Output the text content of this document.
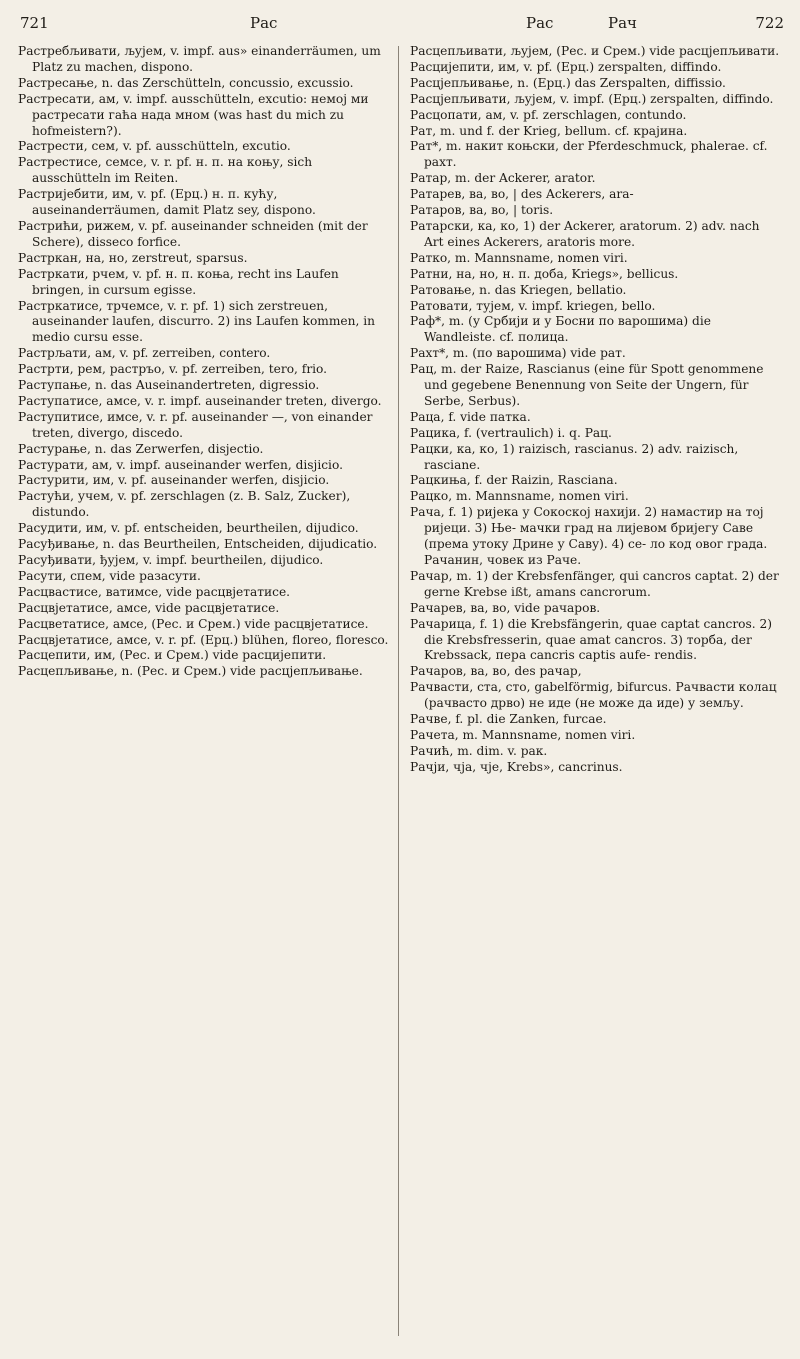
721	Рас	Рас	Рач	722

Растребљивати, љујем, v. impf. aus» einanderräumen, um Platz zu machen, dispono.

Растресање, n. das Zerschütteln, concussio, excussio.

Растресати, ам, v. impf. ausschütteln, excutio: немој ми растресати гаћа нада мном (was hast du mich zu hofmeistern?).

Растрести, сем, v. pf. ausschütteln, excutio.

Растрестисе, семсе, v. r. pf. н. п. на коњу, sich ausschütteln im Reiten.

Растријебити, им, v. pf. (Ерц.) н. п. кућу, auseinanderräumen, damit Platz sey, dispono.

Растрићи, рижем, v. pf. auseinander schneiden (mit der Schere), disseco forfice.

Растркан, на, но, zerstreut, sparsus.

Растркати, рчем, v. pf. н. п. коња, recht ins Laufen bringen, in cursum egisse.

Растркатисе, трчемсе, v. r. pf. 1) sich zerstreuen, auseinander laufen, discurro. 2) ins Laufen kommen, in medio cursu esse.

Растрљати, ам, v. pf. zerreiben, contero.

Растрти, рем, растръо, v. pf. zerreiben, tero, frio.

Раступање, n. das Auseinandertreten, digressio.

Раступатисе, амсе, v. r. impf. auseinander treten, divergo.

Раступитисе, имсе, v. r. pf. auseinander —, von einander treten, divergo, discedo.

Растурање, n. das Zerwerfen, disjectio.

Растурати, ам, v. impf. auseinander werfen, disjicio.

Растурити, им, v. pf. auseinander werfen, disjicio.

Растући, учем, v. pf. zerschlagen (z. B. Salz, Zucker), distundo.

Расудити, им, v. pf. entscheiden, beurtheilen, dijudico.

Расуђивање, n. das Beurtheilen, Entscheiden, dijudicatio.

Расуђивати, ђујем, v. impf. beurtheilen, dijudico.

Расути, спем, vide разасути.

Расцвастисе, ватимсе, vide расцвјетатисе.

Расцвјетатисе, амсе, vide расцвјетатисе.

Расцветатисе, амсе, (Рес. и Срем.) vide расцвјетатисе.

Расцвјетатисе, амсе, v. r. pf. (Ерц.) blühen, floreo, floresco.

Расцепити, им, (Рес. и Срем.) vide расцијепити.

Расцепљивање, n. (Рес. и Срем.) vide расцјепљивање.

Расцепљивати, љујем, (Рес. и Срем.) vide расцјепљивати.

Расцијепити, им, v. pf. (Ерц.) zerspalten, diffindo.

Расцјепљивање, n. (Ерц.) das Zerspalten, diffissio.

Расцјепљивати, љујем, v. impf. (Ерц.) zerspalten, diffindo.

Расцопати, ам, v. pf. zerschlagen, contundo.

Рат, m. und f. der Krieg, bellum. cf. крајина.

Рат*, m. накит коњски, der Pferdeschmuck, phalerae. cf. рахт.

Ратар, m. der Ackerer, arator.

Ратарев, ва, во, | des Ackerers, ara-

Ратаров, ва, во, | toris.

Ратарски, ка, ко, 1) der Ackerer, aratorum. 2) adv. nach Art eines Ackerers, aratoris more.

Ратко, m. Mannsname, nomen viri.

Ратни, на, но, н. п. доба, Kriegs», bellicus.

Ратовање, n. das Kriegen, bellatio.

Ратовати, тујем, v. impf. kriegen, bello.

Раф*, m. (у Србији и у Босни по варошима) die Wandleiste. cf. полица.

Рахт*, m. (по варошима) vide рат.

Рац, m. der Raize, Rascianus (eine für Spott genommene und gegebene Benennung von Seite der Ungern, für Serbe, Serbus).

Раца, f. vide патка.

Рацика, f. (vertraulich) i. q. Рац.

Рацки, ка, ко, 1) raizisch, rascianus. 2) adv. raizisch, rasciane.

Рацкиња, f. der Raizin, Rasciana.

Рацко, m. Mannsname, nomen viri.

Рача, f. 1) ријека у Сокоској нахији. 2) намастир на тој ријеци. 3) Ње- мачки град на лијевом бријегу Саве (према утоку Дрине у Саву). 4) се- ло код овог града. Рачанин, човек из Раче.

Рачар, m. 1) der Krebsfenfänger, qui cancros captat. 2) der gerne Krebse ißt, amans cancrorum.

Рачарев, ва, во, vide рачаров.

Рачарица, f. 1) die Krebsfängerin, quae captat cancros. 2) die Krebsfresserin, quae amat cancros. 3) торба, der Krebssack, пера cancris captis aufe- rendis.

Рачаров, ва, во, des рачар,

Рачвасти, ста, сто, gabelförmig, bifurcus. Рачвасти колац (рачвасто дрво) не иде (не може да иде) у земљу.

Рачве, f. pl. die Zanken, furcae.

Рачета, m. Mannsname, nomen viri.

Рачић, m. dim. v. рак.

Рачји, чја, чје, Krebs», cancrinus.
